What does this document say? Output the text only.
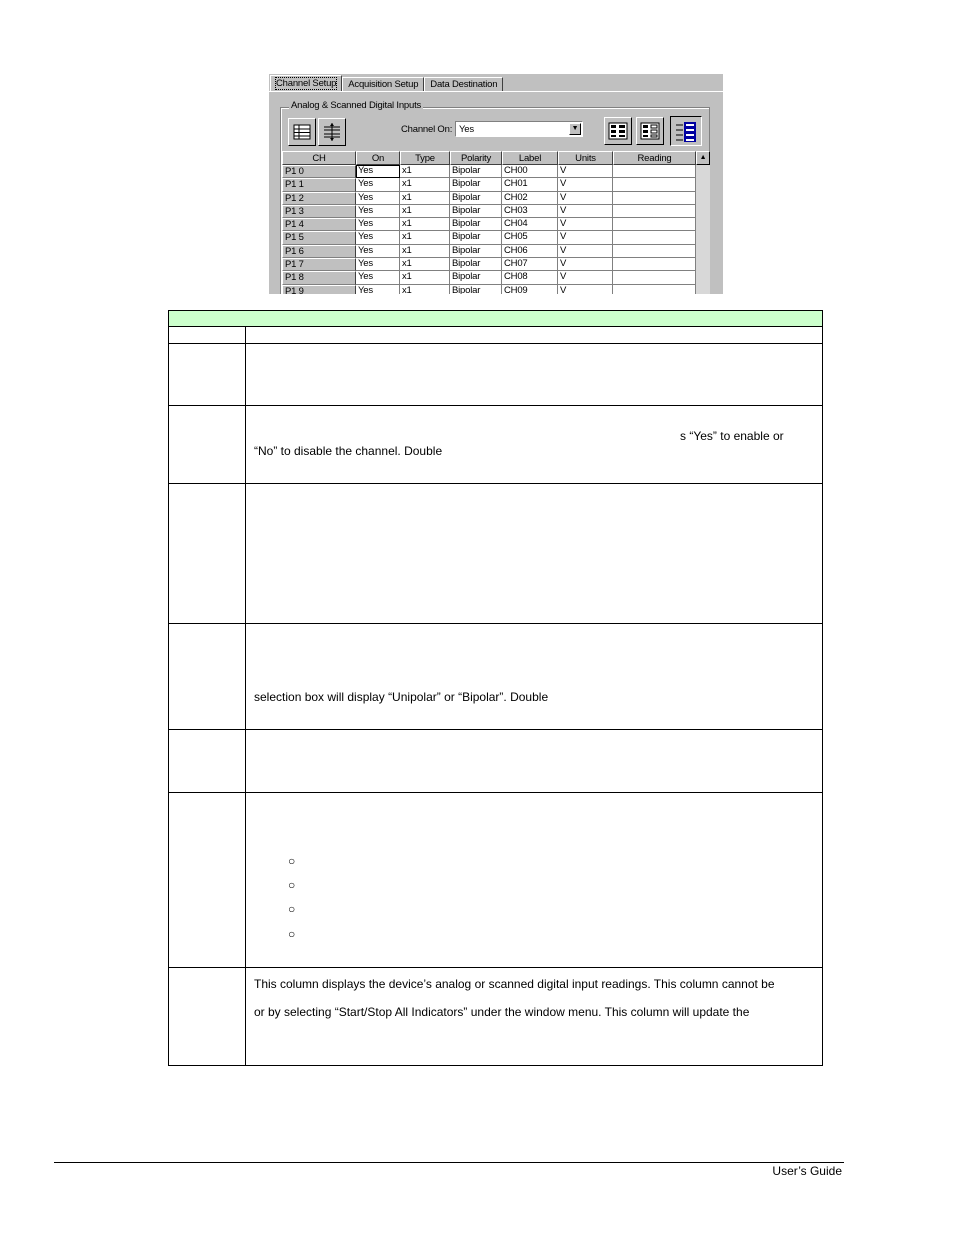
Channel Setup	Acquisition Setup	Data Destination
Analog & Scanned Digital Inputs
Channel On: Yes	▼
CH	On	Type	Polarity	Label	Units	Reading
P1 0	Yes	x1	Bipolar	CH00	V
P1 1	Yes	x1	Bipolar	CH01	V
P1 2	Yes	x1	Bipolar	CH02	V
P1 3	Yes	x1	Bipolar	CH03	V
P1 4	Yes	x1	Bipolar	CH04	V
P1 5	Yes	x1	Bipolar	CH05	V
P1 6	Yes	x1	Bipolar	CH06	V
P1 7	Yes	x1	Bipolar	CH07	V
P1 8	Yes	x1	Bipolar	CH08	V
P1 9	Yes	x1	Bipolar	CH09	V
▲

	s “Yes” to enable or
“No” to disable the channel. Double

	selection box will display “Unipolar” or “Bipolar”. Double

	○
○
○
○

	This column displays the device’s analog or scanned digital input readings. This column cannot be
or by selecting “Start/Stop All Indicators” under the window menu. This column will update the
User’s Guide
